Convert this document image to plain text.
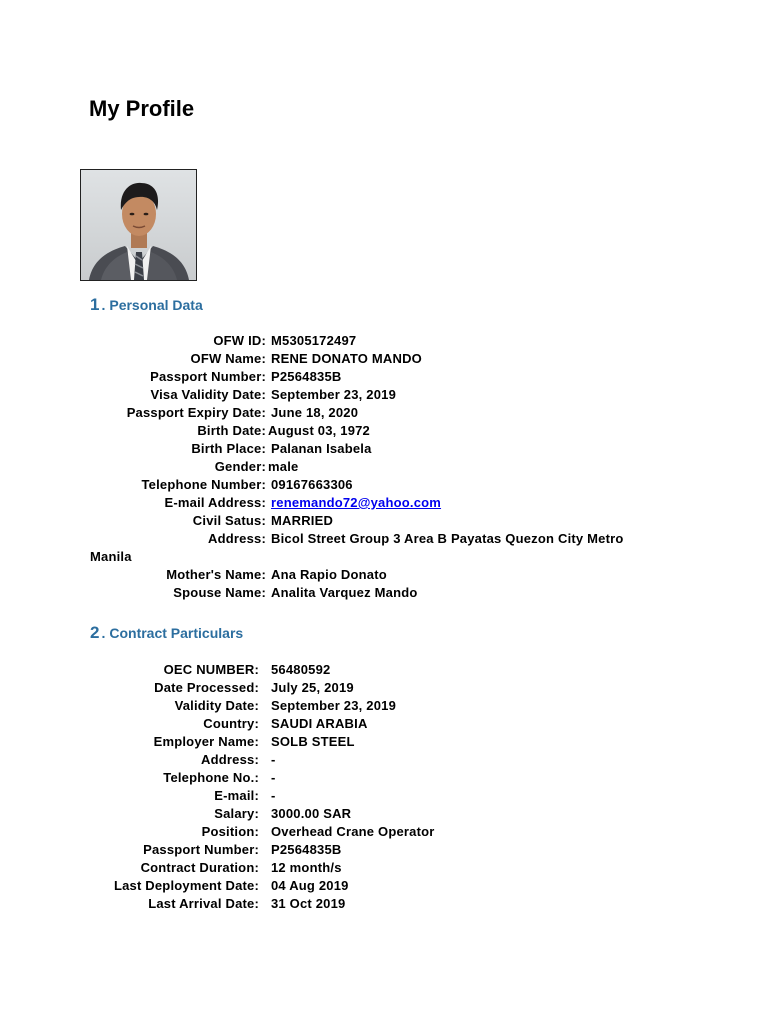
My Profile
1 . Personal Data
OFW ID: M5305172497
OFW Name: RENE DONATO MANDO
Passport Number: P2564835B
Visa Validity Date: September 23, 2019
Passport Expiry Date: June 18, 2020
Birth Date: August 03, 1972
Birth Place: Palanan Isabela
Gender: male
Telephone Number: 09167663306
E-mail Address: renemando72@yahoo.com
Civil Satus: MARRIED
Address: Bicol Street Group 3 Area B Payatas Quezon City Metro
Manila
Mother's Name: Ana Rapio Donato
Spouse Name: Analita Varquez Mando
2 . Contract Particulars
OEC NUMBER: 56480592
Date Processed: July 25, 2019
Validity Date: September 23, 2019
Country: SAUDI ARABIA
Employer Name: SOLB STEEL
Address: -
Telephone No.: -
E-mail: -
Salary: 3000.00 SAR
Position: Overhead Crane Operator
Passport Number: P2564835B
Contract Duration: 12 month/s
Last Deployment Date: 04 Aug 2019
Last Arrival Date: 31 Oct 2019
